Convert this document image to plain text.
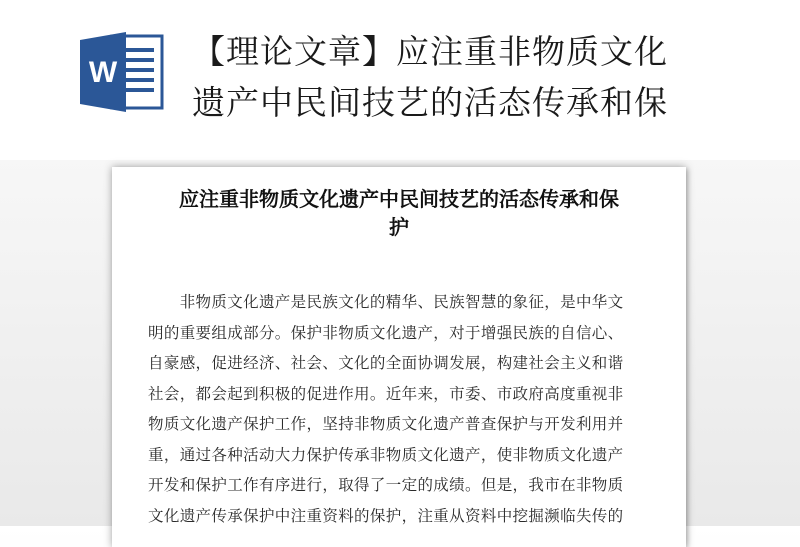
W
【理论文章】应注重非物质文化
遗产中民间技艺的活态传承和保
应注重非物质文化遗产中民间技艺的活态传承和保
护
　　非物质文化遗产是民族文化的精华、民族智慧的象征，是中华文
明的重要组成部分。保护非物质文化遗产，对于增强民族的自信心、
自豪感，促进经济、社会、文化的全面协调发展，构建社会主义和谐
社会，都会起到积极的促进作用。近年来，市委、市政府高度重视非
物质文化遗产保护工作，坚持非物质文化遗产普查保护与开发利用并
重，通过各种活动大力保护传承非物质文化遗产，使非物质文化遗产
开发和保护工作有序进行，取得了一定的成绩。但是，我市在非物质
文化遗产传承保护中注重资料的保护，注重从资料中挖掘濒临失传的
